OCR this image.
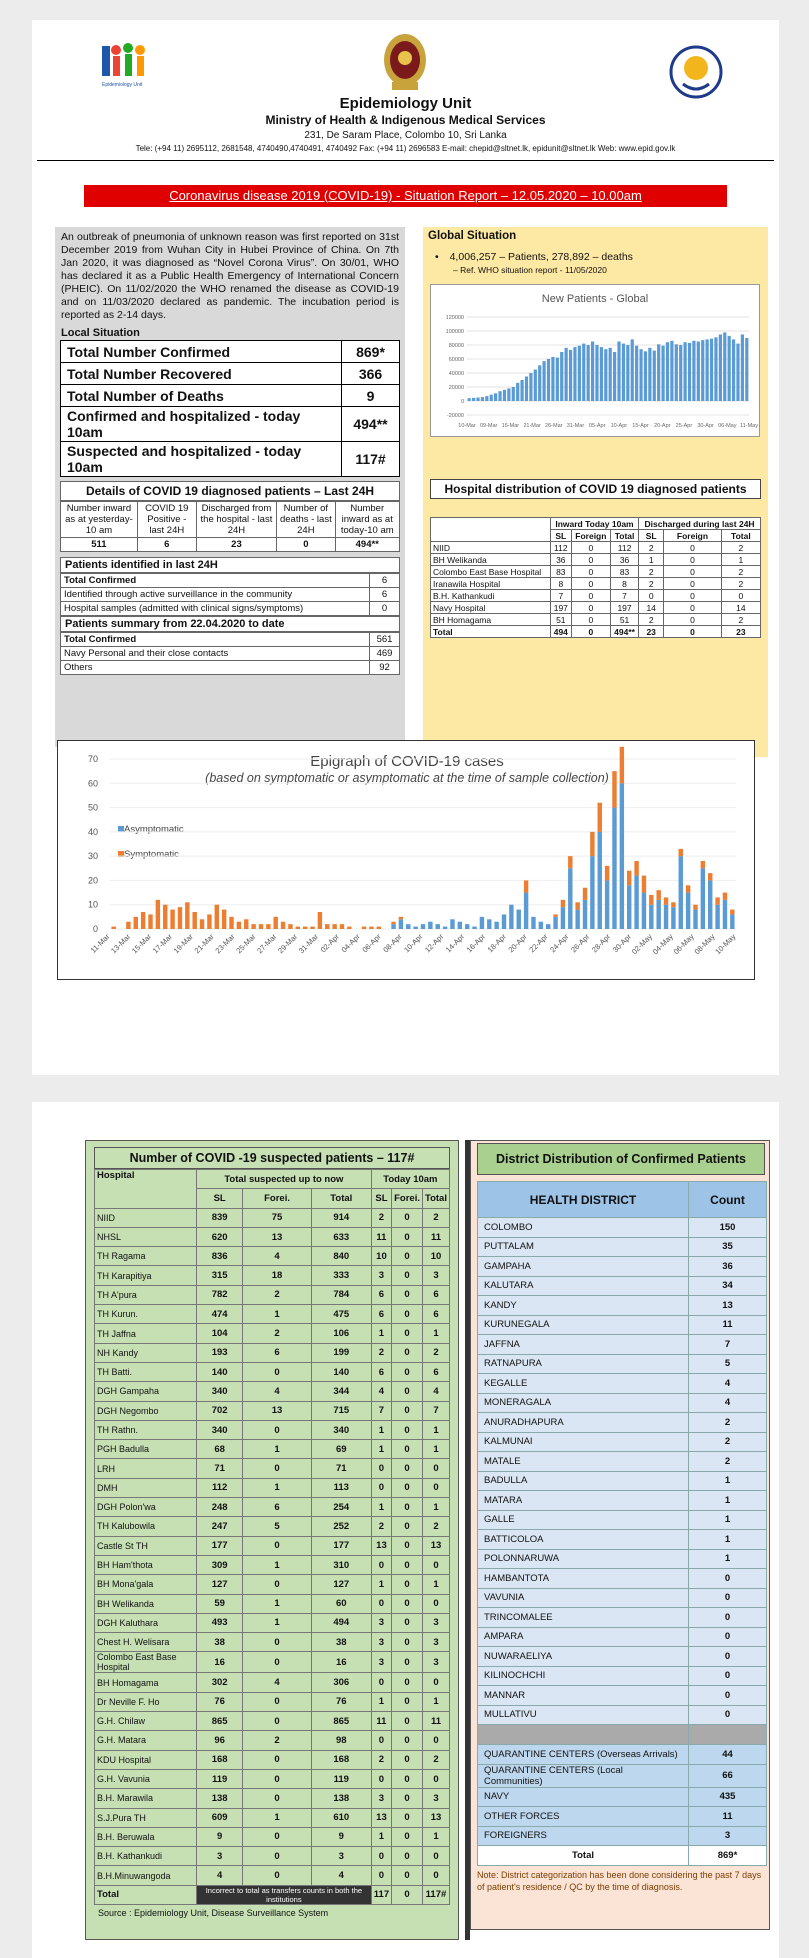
Epidemiology Unit
Epidemiology Unit
Ministry of Health & Indigenous Medical Services
231, De Saram Place, Colombo 10, Sri Lanka
Tele: (+94 11) 2695112, 2681548, 4740490,4740491, 4740492 Fax: (+94 11) 2696583 E-mail: chepid@sltnet.lk, epidunit@sltnet.lk Web: www.epid.gov.lk
Coronavirus disease 2019 (COVID-19) - Situation Report – 12.05.2020 – 10.00am
An outbreak of pneumonia of unknown reason was first reported on 31st December 2019 from Wuhan City in Hubei Province of China. On 7th Jan 2020, it was diagnosed as “Novel Corona Virus”. On 30/01, WHO has declared it as a Public Health Emergency of International Concern (PHEIC). On 11/02/2020 the WHO renamed the disease as COVID-19 and on 11/03/2020 declared as pandemic. The incubation period is reported as 2-14 days.
Local Situation
Total Number Confirmed	869*
Total Number Recovered	366
Total Number of Deaths	9
Confirmed and hospitalized - today 10am	494**
Suspected and hospitalized - today 10am	117#
Details of COVID 19 diagnosed patients – Last 24H
Number inward as at yesterday-10 am	COVID 19 Positive - last 24H	Discharged from the hospital - last 24H	Number of deaths - last 24H	Number inward as at today-10 am
511	6	23	0	494**
Patients identified in last 24H
Total Confirmed	6
Identified through active surveillance in the community	6
Hospital samples (admitted with clinical signs/symptoms)	0
Patients summary from 22.04.2020 to date
Total Confirmed	561
Navy Personal and their close contacts	469
Others	92
Global Situation
• 4,006,257 – Patients, 278,892 – deaths
– Ref. WHO situation report - 11/05/2020
New Patients - Global
-20000
0
20000
40000
60000
80000
100000
120000
10-Mar 09-Mar 16-Mar 21-Mar 26-Mar 31-Mar 05-Apr 10-Apr 15-Apr 20-Apr 25-Apr 30-Apr 06-May 11-May
Hospital distribution of COVID 19 diagnosed patients
	Inward Today 10am			Discharged during last 24H		
	SL	Foreign	Total	SL	Foreign	Total
NIID	112	0	112	2	0	2
BH Welikanda	36	0	36	1	0	1
Colombo East Base Hospital	83	0	83	2	0	2
Iranawila Hospital	8	0	8	2	0	2
B.H. Kathankudi	7	0	7	0	0	0
Navy Hospital	197	0	197	14	0	14
BH Homagama	51	0	51	2	0	2
Total	494	0	494**	23	0	23
Epigraph of COVID-19 cases
(based on symptomatic or asymptomatic at the time of sample collection)
Asymptomatic
Symptomatic
0
10
20
30
40
50
60
70
11-Mar
13-Mar
15-Mar
17-Mar
19-Mar
21-Mar
23-Mar
25-Mar
27-Mar
29-Mar
31-Mar
02-Apr
04-Apr
06-Apr
08-Apr
10-Apr
12-Apr
14-Apr
16-Apr
18-Apr
20-Apr
22-Apr
24-Apr
26-Apr
28-Apr
30-Apr
02-May
04-May
06-May
08-May
10-May
Number of COVID -19 suspected patients – 117#
Hospital	Total suspected up to now			Today 10am		
	SL	Forei.	Total	SL	Forei.	Total
NIID	839	75	914	2	0	2
NHSL	620	13	633	11	0	11
TH Ragama	836	4	840	10	0	10
TH Karapitiya	315	18	333	3	0	3
TH A'pura	782	2	784	6	0	6
TH Kurun.	474	1	475	6	0	6
TH Jaffna	104	2	106	1	0	1
NH Kandy	193	6	199	2	0	2
TH Batti.	140	0	140	6	0	6
DGH Gampaha	340	4	344	4	0	4
DGH Negombo	702	13	715	7	0	7
TH Rathn.	340	0	340	1	0	1
PGH Badulla	68	1	69	1	0	1
LRH	71	0	71	0	0	0
DMH	112	1	113	0	0	0
DGH Polon'wa	248	6	254	1	0	1
TH Kalubowila	247	5	252	2	0	2
Castle St TH	177	0	177	13	0	13
BH Ham'thota	309	1	310	0	0	0
BH Mona'gala	127	0	127	1	0	1
BH Welikanda	59	1	60	0	0	0
DGH Kaluthara	493	1	494	3	0	3
Chest H. Welisara	38	0	38	3	0	3
Colombo East Base Hospital	16	0	16	3	0	3
BH Homagama	302	4	306	0	0	0
Dr Neville F. Ho	76	0	76	1	0	1
G.H. Chilaw	865	0	865	11	0	11
G.H. Matara	96	2	98	0	0	0
KDU Hospital	168	0	168	2	0	2
G.H. Vavunia	119	0	119	0	0	0
B.H. Marawila	138	0	138	3	0	3
S.J.Pura TH	609	1	610	13	0	13
B.H. Beruwala	9	0	9	1	0	1
B.H. Kathankudi	3	0	3	0	0	0
B.H.Minuwangoda	4	0	4	0	0	0
Total	Incorrect to total as transfers counts in both the institutions			117	0	117#
Source : Epidemiology Unit, Disease Surveillance System
District Distribution of Confirmed Patients
HEALTH DISTRICT	Count
COLOMBO	150
PUTTALAM	35
GAMPAHA	36
KALUTARA	34
KANDY	13
KURUNEGALA	11
JAFFNA	7
RATNAPURA	5
KEGALLE	4
MONERAGALA	4
ANURADHAPURA	2
KALMUNAI	2
MATALE	2
BADULLA	1
MATARA	1
GALLE	1
BATTICOLOA	1
POLONNARUWA	1
HAMBANTOTA	0
VAVUNIA	0
TRINCOMALEE	0
AMPARA	0
NUWARAELIYA	0
KILINOCHCHI	0
MANNAR	0
MULLATIVU	0

QUARANTINE CENTERS (Overseas Arrivals)	44
QUARANTINE CENTERS (Local Communities)	66
NAVY	435
OTHER FORCES	11
FOREIGNERS	3
Total	869*
Note: District categorization has been done considering the past 7 days of patient's residence / QC by the time of diagnosis.
